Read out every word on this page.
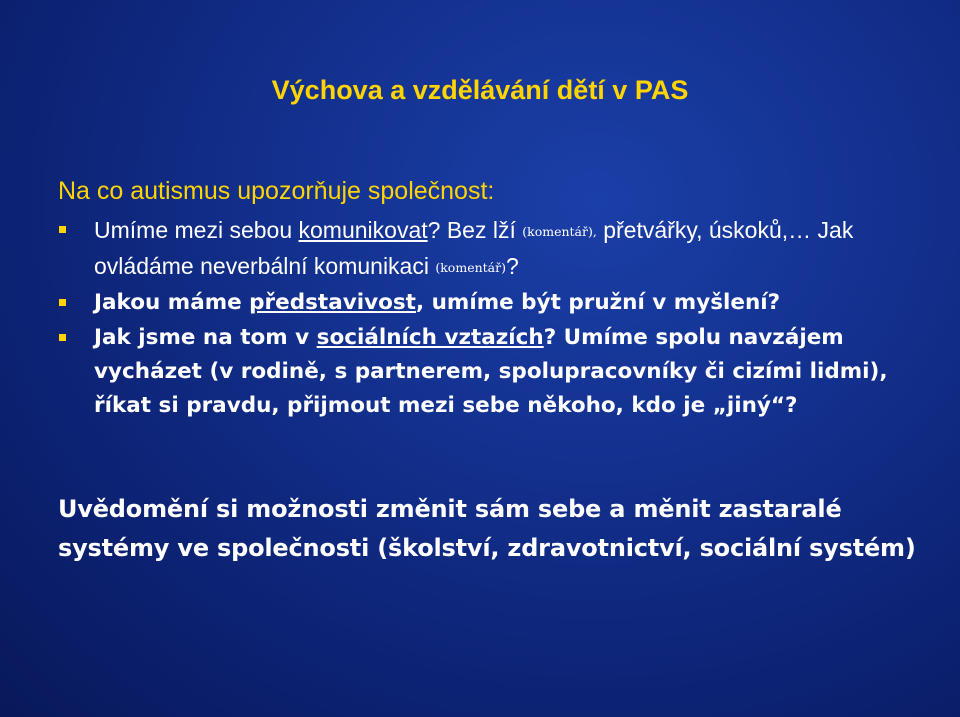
Výchova a vzdělávání dětí v PAS
Na co autismus upozorňuje společnost:
Umíme mezi sebou komunikovat? Bez lží (komentář), přetvářky, úskoků,… Jak ovládáme neverbální komunikaci (komentář)?
Jakou máme představivost, umíme být pružní v myšlení?
Jak jsme na tom v sociálních vztazích? Umíme spolu navzájem vycházet (v rodině, s partnerem, spolupracovníky či cizími lidmi), říkat si pravdu, přijmout mezi sebe někoho, kdo je „jiný“?
Uvědomění si možnosti změnit sám sebe a měnit zastaralé systémy ve společnosti (školství, zdravotnictví, sociální systém)
